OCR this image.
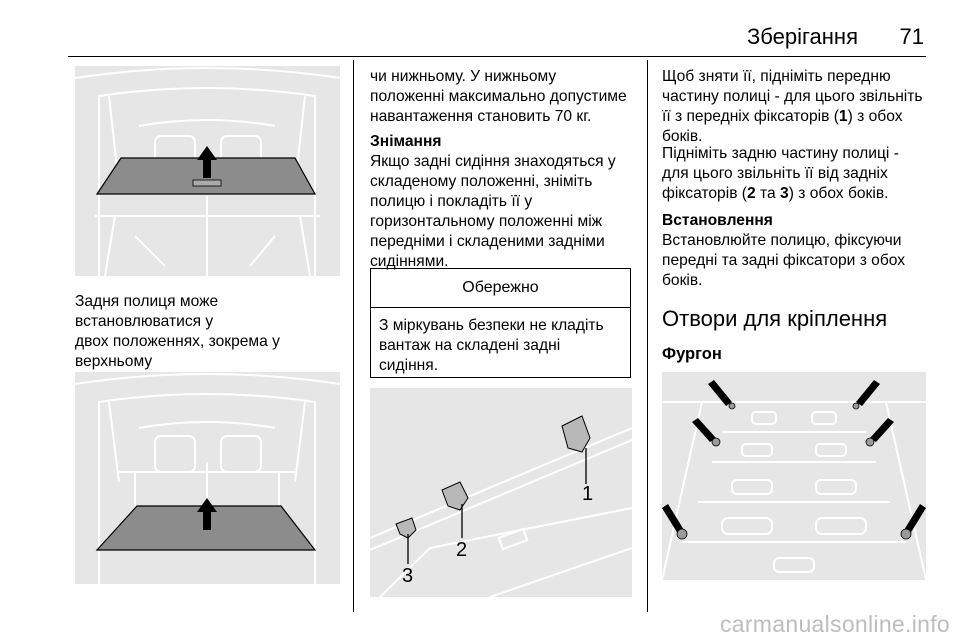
Зберігання	71

Задня полиця може

встановлюватися у

двох положеннях, зокрема у

верхньому

чи нижньому. У нижньому

положенні максимально допустиме

навантаження становить 70 кг.

Знімання

Якщо задні сидіння знаходяться у

складеному положенні, зніміть

полицю і покладіть її у

горизонтальному положенні між

передніми і складеними задніми

сидіннями.

Обережно
З міркувань безпеки не кладіть
вантаж на складені задні
сидіння.
1
2
3

Щоб зняти її, підніміть передню

частину полиці - для цього звільніть

її з передніх фіксаторів (1) з обох

боків.

Підніміть задню частину полиці -

для цього звільніть її від задніх

фіксаторів (2 та 3) з обох боків.

Встановлення

Встановлюйте полицю, фіксуючи

передні та задні фіксатори з обох

боків.

Отвори для кріплення

Фургон

carmanualsonline.info
